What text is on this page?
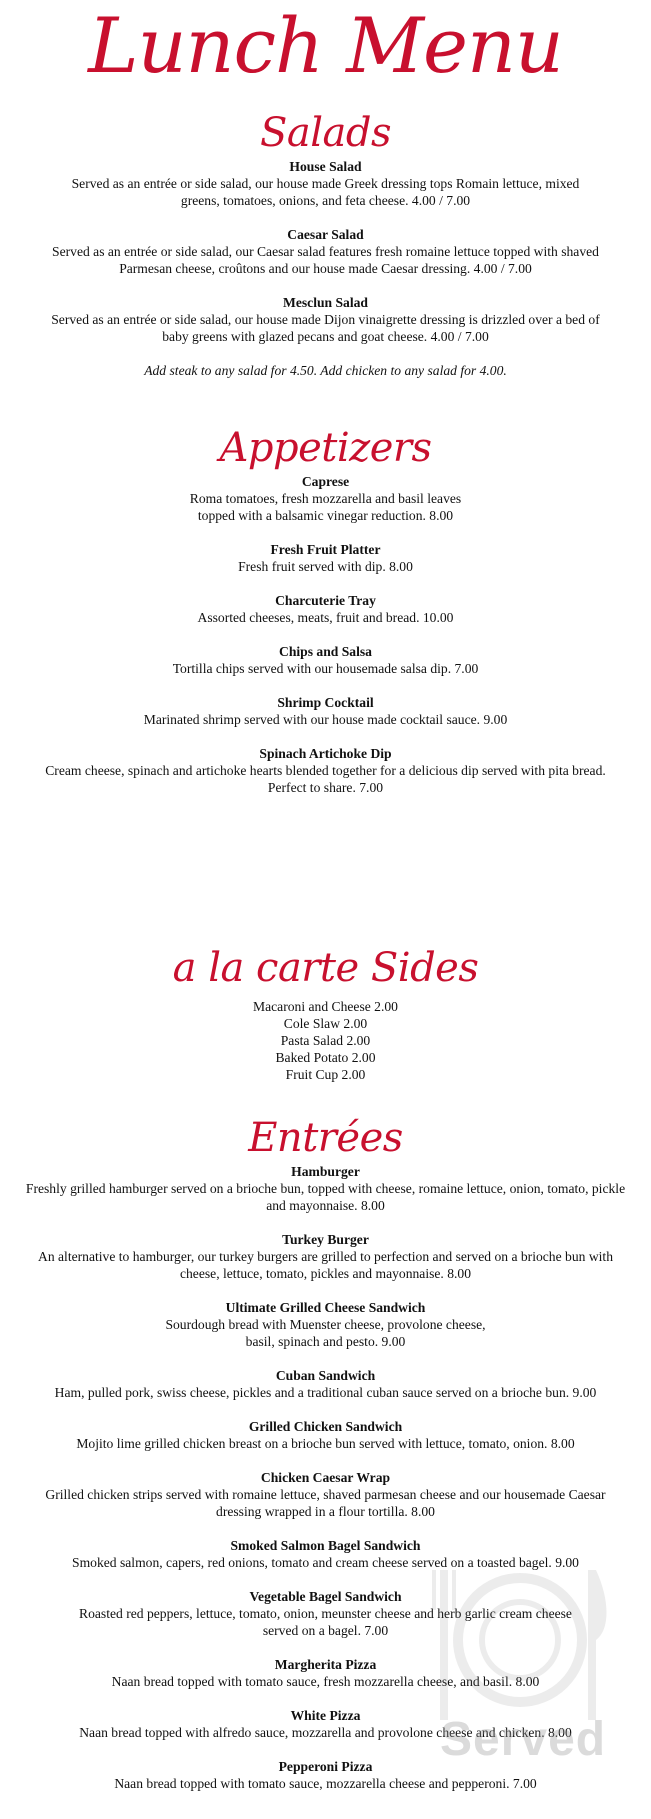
Lunch Menu
Salads
House Salad
Served as an entrée or side salad, our house made Greek dressing tops Romain lettuce, mixed greens, tomatoes, onions, and feta cheese. 4.00 / 7.00
Caesar Salad
Served as an entrée or side salad, our Caesar salad features fresh romaine lettuce topped with shaved Parmesan cheese, croûtons and our house made Caesar dressing. 4.00 / 7.00
Mesclun Salad
Served as an entrée or side salad, our house made Dijon vinaigrette dressing is drizzled over a bed of baby greens with glazed pecans and goat cheese. 4.00 / 7.00
Add steak to any salad for 4.50. Add chicken to any salad for 4.00.
Appetizers
Caprese
Roma tomatoes, fresh mozzarella and basil leaves topped with a balsamic vinegar reduction. 8.00
Fresh Fruit Platter
Fresh fruit served with dip. 8.00
Charcuterie Tray
Assorted cheeses, meats, fruit and bread. 10.00
Chips and Salsa
Tortilla chips served with our housemade salsa dip. 7.00
Shrimp Cocktail
Marinated shrimp served with our house made cocktail sauce. 9.00
Spinach Artichoke Dip
Cream cheese, spinach and artichoke hearts blended together for a delicious dip served with pita bread. Perfect to share. 7.00
a la carte Sides
Macaroni and Cheese 2.00
Cole Slaw 2.00
Pasta Salad 2.00
Baked Potato 2.00
Fruit Cup 2.00
Entrées
Hamburger
Freshly grilled hamburger served on a brioche bun, topped with cheese, romaine lettuce, onion, tomato, pickle and mayonnaise. 8.00
Turkey Burger
An alternative to hamburger, our turkey burgers are grilled to perfection and served on a brioche bun with cheese, lettuce, tomato, pickles and mayonnaise. 8.00
Ultimate Grilled Cheese Sandwich
Sourdough bread with Muenster cheese, provolone cheese, basil, spinach and pesto. 9.00
Cuban Sandwich
Ham, pulled pork, swiss cheese, pickles and a traditional cuban sauce served on a brioche bun. 9.00
Grilled Chicken Sandwich
Mojito lime grilled chicken breast on a brioche bun served with lettuce, tomato, onion. 8.00
Chicken Caesar Wrap
Grilled chicken strips served with romaine lettuce, shaved parmesan cheese and our housemade Caesar dressing wrapped in a flour tortilla. 8.00
Smoked Salmon Bagel Sandwich
Smoked salmon, capers, red onions, tomato and cream cheese served on a toasted bagel. 9.00
Vegetable Bagel Sandwich
Roasted red peppers, lettuce, tomato, onion, meunster cheese and herb garlic cream cheese served on a bagel. 7.00
Margherita Pizza
Naan bread topped with tomato sauce, fresh mozzarella cheese, and basil. 8.00
White Pizza
Naan bread topped with alfredo sauce, mozzarella and provolone cheese and chicken. 8.00
Pepperoni Pizza
Naan bread topped with tomato sauce, mozzarella cheese and pepperoni. 7.00
Served
